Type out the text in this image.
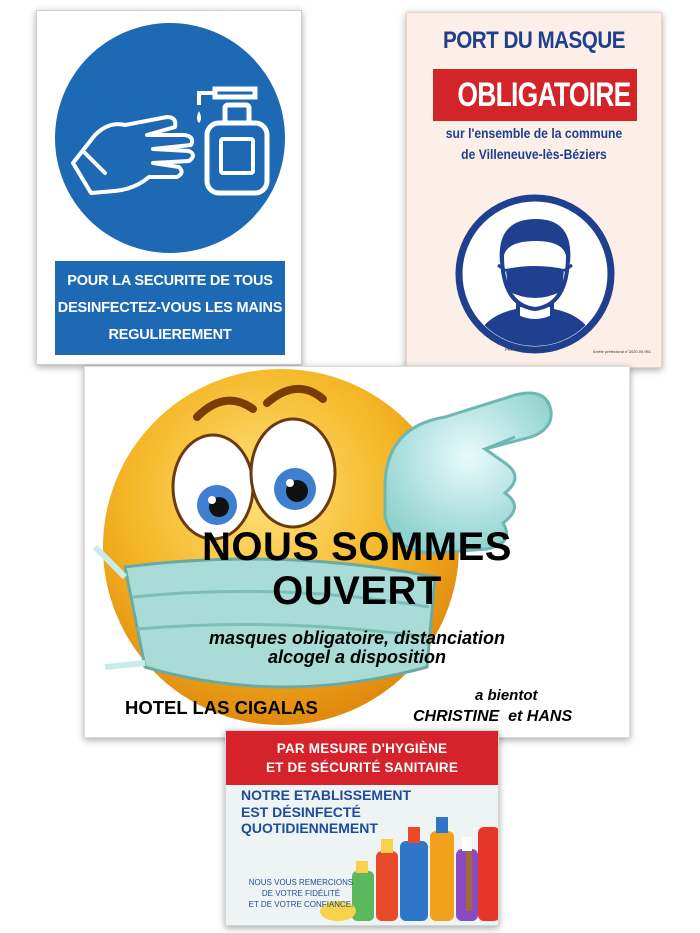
POUR LA SECURITE DE TOUS
DESINFECTEZ-VOUS LES MAINS
REGULIEREMENT
PORT DU MASQUE
OBLIGATOIRE
sur l'ensemble de la commune
de Villeneuve-lès-Béziers
PRÉFET DE L'HÉRAULT	Arrêté préfectoral n°2020.05.951
NOUS SOMMES
OUVERT
masques obligatoire, distanciation
alcogel a disposition
HOTEL LAS CIGALAS
a bientot
CHRISTINE  et HANS
PAR MESURE D'HYGIÈNE
ET DE SÉCURITÉ SANITAIRE
NOTRE ETABLISSEMENT
EST DÉSINFECTÉ
QUOTIDIENNEMENT
NOUS VOUS REMERCIONS
DE VOTRE FIDÉLITÉ
ET DE VOTRE CONFIANCE.
